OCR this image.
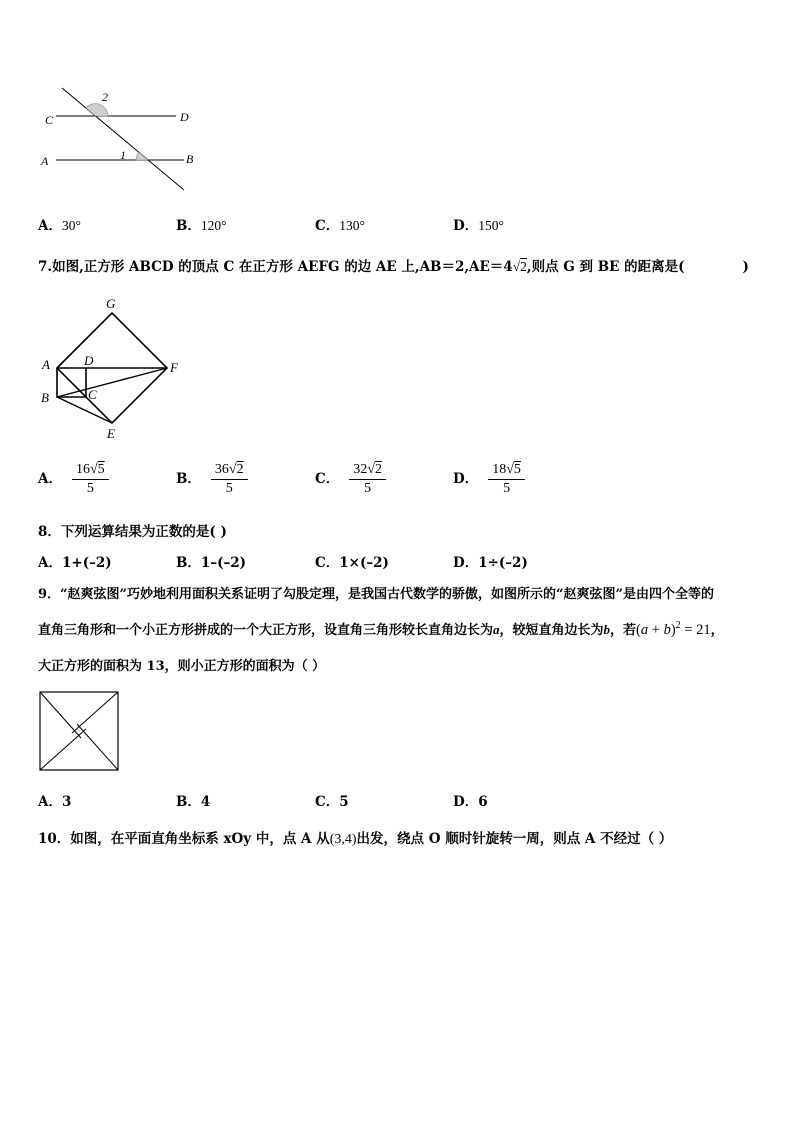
2
1
C	D
A	B
A．30°	B．120°	C．130°	D．150°
7.如图,正方形 ABCD 的顶点 C 在正方形 AEFG 的边 AE 上,AB＝2,AE＝4√2,则点 G 到 BE 的距离是(	)
G
A	D	F
B	C
E
A． $\frac{16√5}{5}$	B． $\frac{36√2}{5}$	C． $\frac{32√2}{5}$	D． $\frac{18√5}{5}$
8．下列运算结果为正数的是( )
A．1+(–2)	B．1–(–2)	C．1×(–2)	D．1÷(–2)
9．“赵爽弦图”巧妙地利用面积关系证明了勾股定理，是我国古代数学的骄傲，如图所示的“赵爽弦图”是由四个全等的
直角三角形和一个小正方形拼成的一个大正方形，设直角三角形较长直角边长为a，较短直角边长为b，若$(a + b)^2 = 21$，
大正方形的面积为 13，则小正方形的面积为（ ）
A．3	B．4	C．5	D．6
10．如图，在平面直角坐标系 xOy 中，点 A 从(3,4)出发，绕点 O 顺时针旋转一周，则点 A 不经过（ ）
